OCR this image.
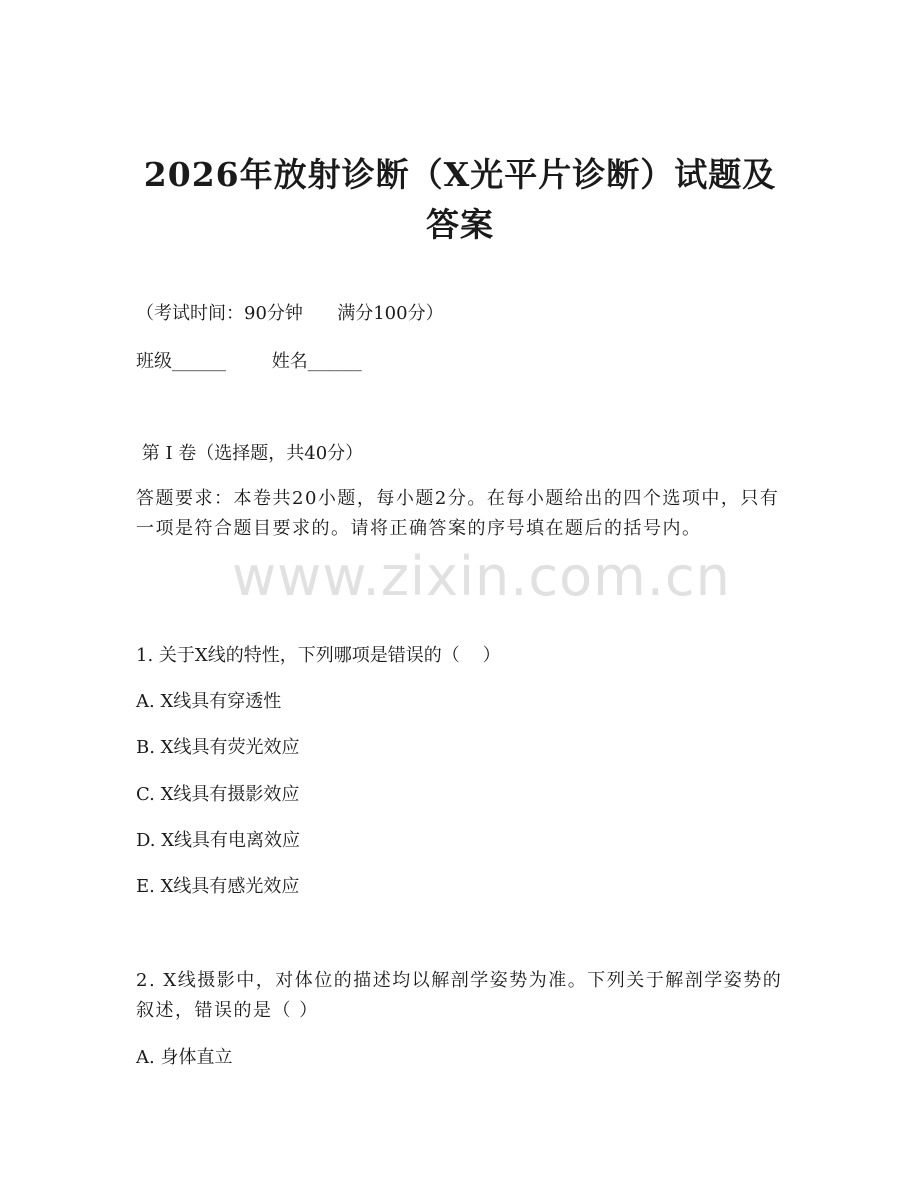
2026年放射诊断（X光平片诊断）试题及答案
（考试时间：90分钟      满分100分）
班级______        姓名______
第 I 卷（选择题，共40分）
答题要求：本卷共20小题，每小题2分。在每小题给出的四个选项中，只有一项是符合题目要求的。请将正确答案的序号填在题后的括号内。
www.zixin.com.cn
1. 关于X线的特性，下列哪项是错误的（    ）
A. X线具有穿透性
B. X线具有荧光效应
C. X线具有摄影效应
D. X线具有电离效应
E. X线具有感光效应
2. X线摄影中，对体位的描述均以解剖学姿势为准。下列关于解剖学姿势的叙述，错误的是（ ）
A. 身体直立
